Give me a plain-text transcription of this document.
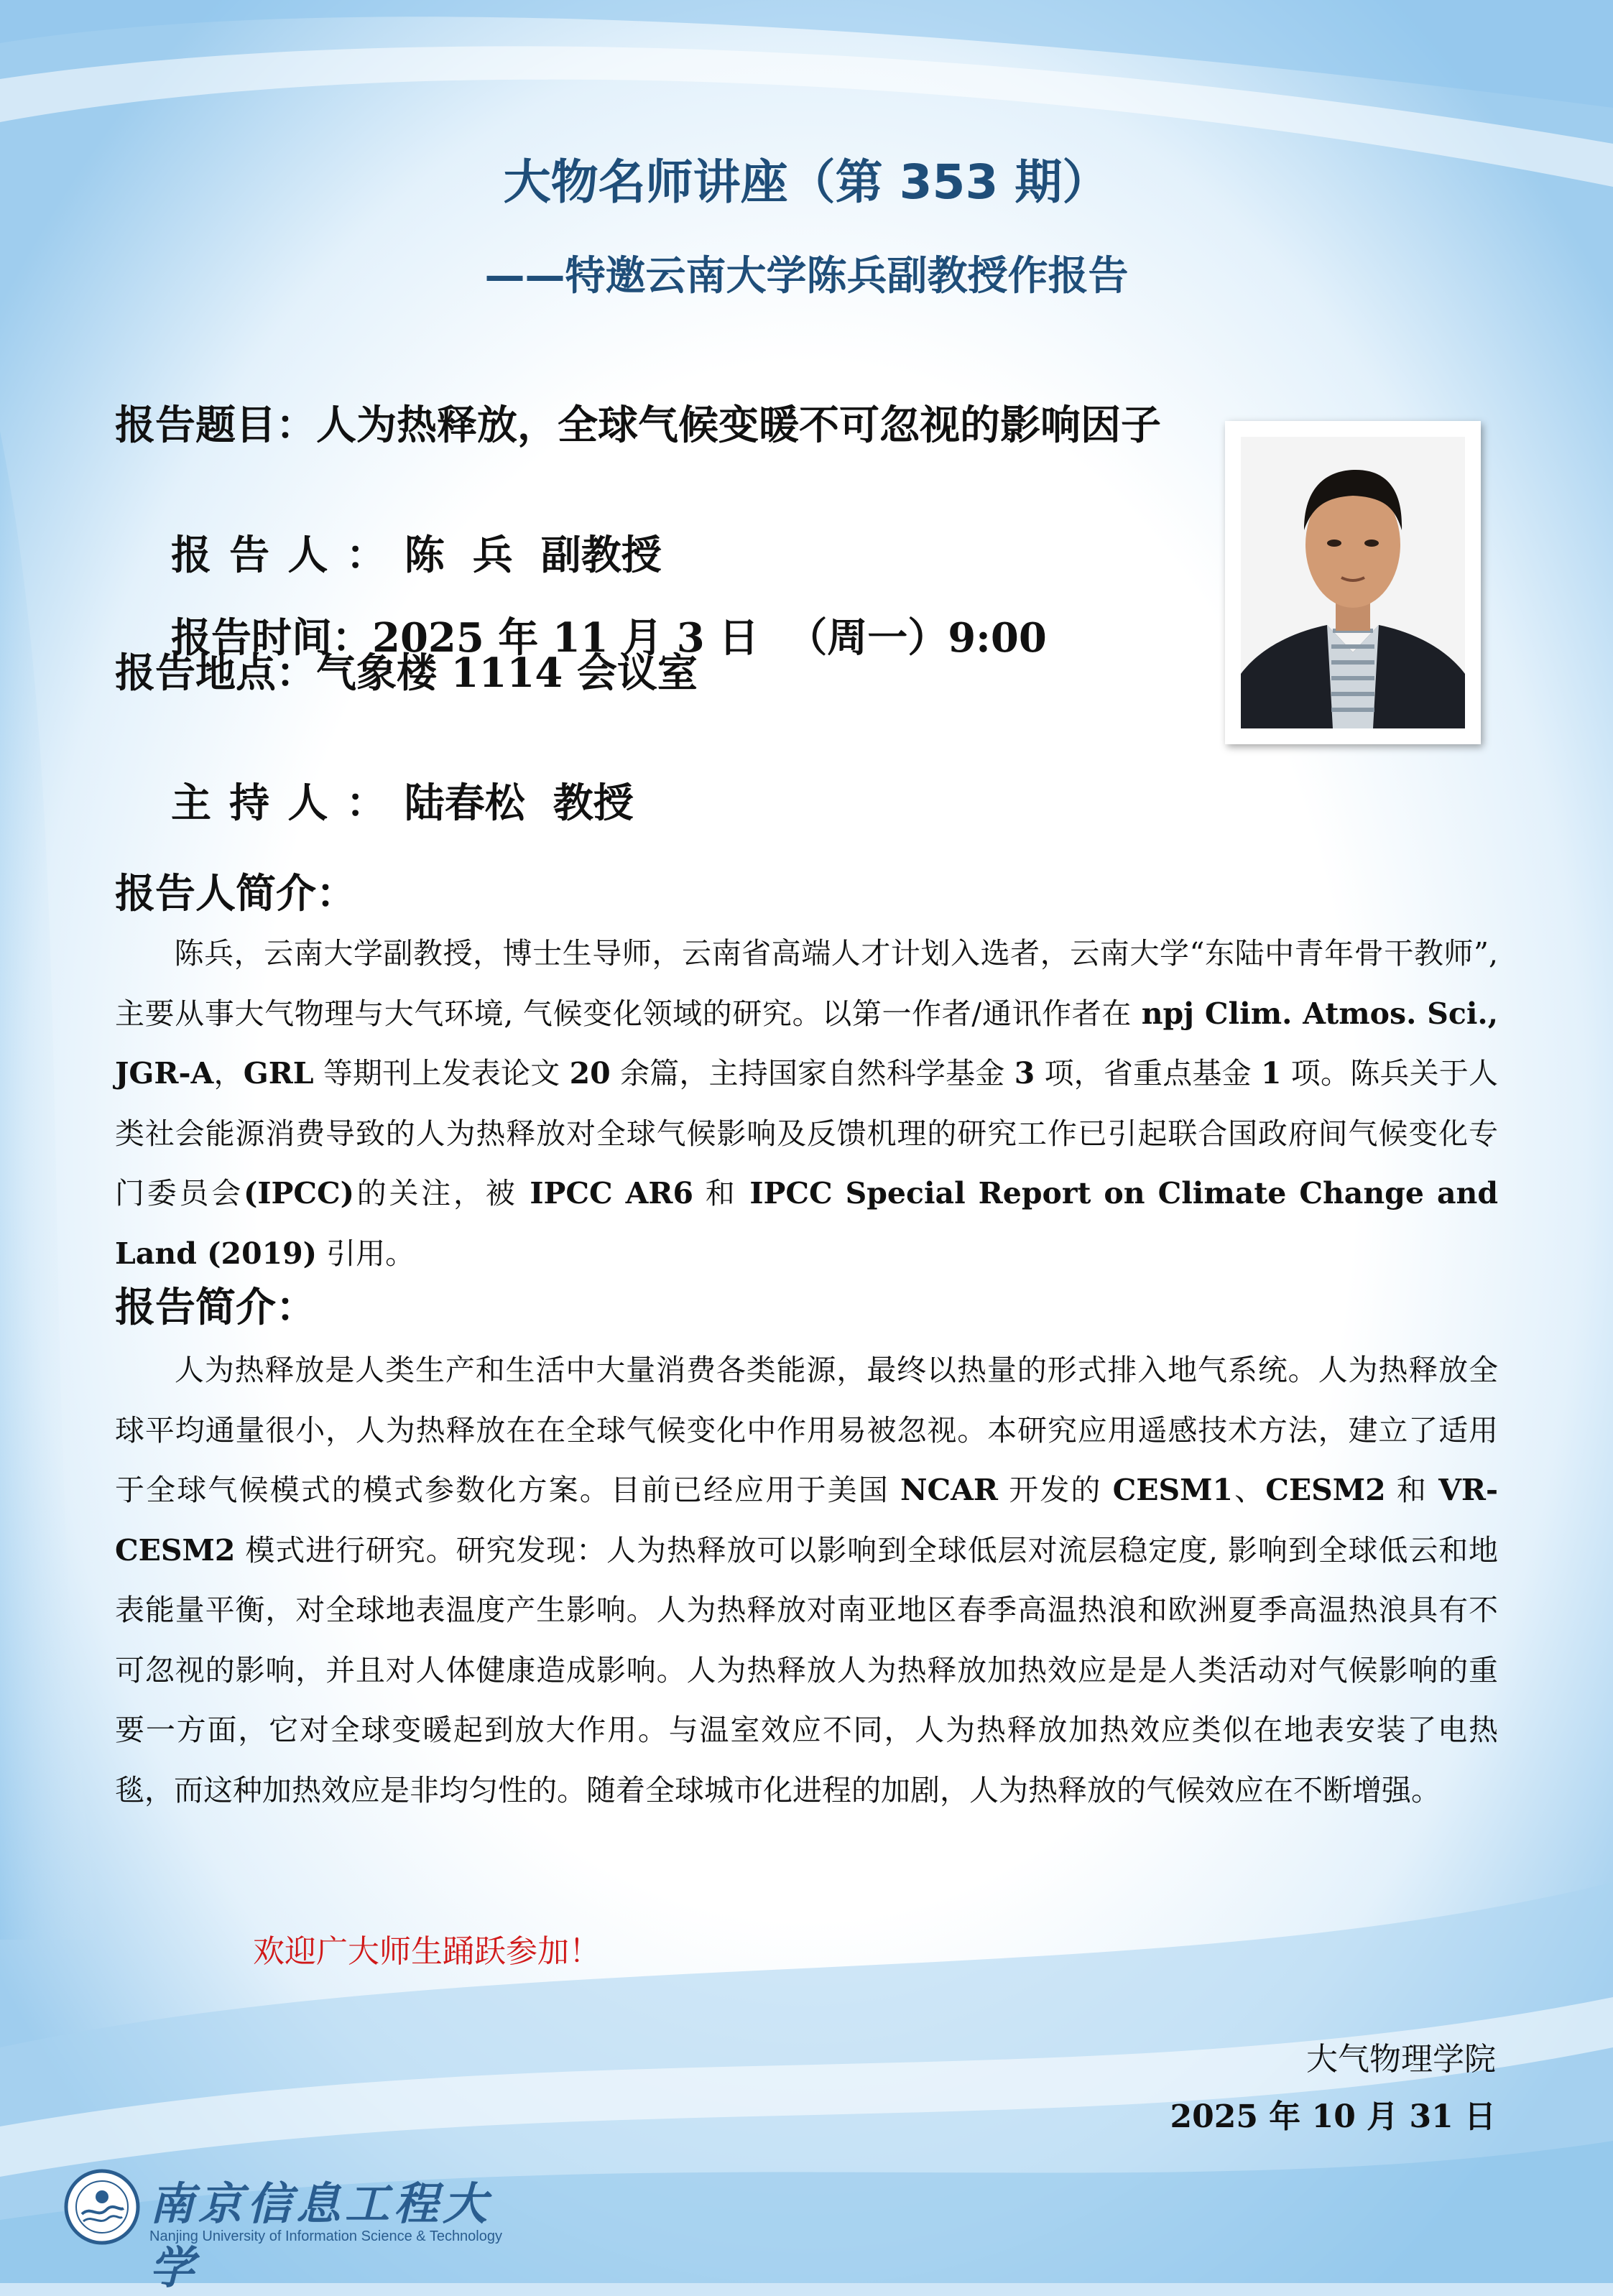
大物名师讲座（第 353 期）
——特邀云南大学陈兵副教授作报告
报告题目：人为热释放，全球气候变暖不可忽视的影响因子

报告人：陈  兵  副教授

报告时间：2025 年 11 月 3 日  （周一）9:00

报告地点：气象楼 1114 会议室

主持人：陆春松  教授

报告人简介：

陈兵，云南大学副教授，博士生导师，云南省高端人才计划入选者，云南大学“东陆中青年骨干教师”,主要从事大气物理与大气环境, 气候变化领域的研究。以第一作者/通讯作者在 npj Clim. Atmos. Sci., JGR-A，GRL 等期刊上发表论文 20 余篇，主持国家自然科学基金 3 项，省重点基金 1 项。陈兵关于人类社会能源消费导致的人为热释放对全球气候影响及反馈机理的研究工作已引起联合国政府间气候变化专门委员会(IPCC)的关注，被 IPCC AR6 和 IPCC Special Report on Climate Change and Land (2019) 引用。

报告简介：

人为热释放是人类生产和生活中大量消费各类能源，最终以热量的形式排入地气系统。人为热释放全球平均通量很小，人为热释放在在全球气候变化中作用易被忽视。本研究应用遥感技术方法，建立了适用于全球气候模式的模式参数化方案。目前已经应用于美国 NCAR 开发的 CESM1、CESM2 和 VR-CESM2 模式进行研究。研究发现：人为热释放可以影响到全球低层对流层稳定度, 影响到全球低云和地表能量平衡，对全球地表温度产生影响。人为热释放对南亚地区春季高温热浪和欧洲夏季高温热浪具有不可忽视的影响，并且对人体健康造成影响。人为热释放人为热释放加热效应是是人类活动对气候影响的重要一方面，它对全球变暖起到放大作用。与温室效应不同，人为热释放加热效应类似在地表安装了电热毯，而这种加热效应是非均匀性的。随着全球城市化进程的加剧，人为热释放的气候效应在不断增强。

欢迎广大师生踊跃参加！
大气物理学院
2025 年 10 月 31 日
南京信息工程大学
Nanjing University of Information Science & Technology
